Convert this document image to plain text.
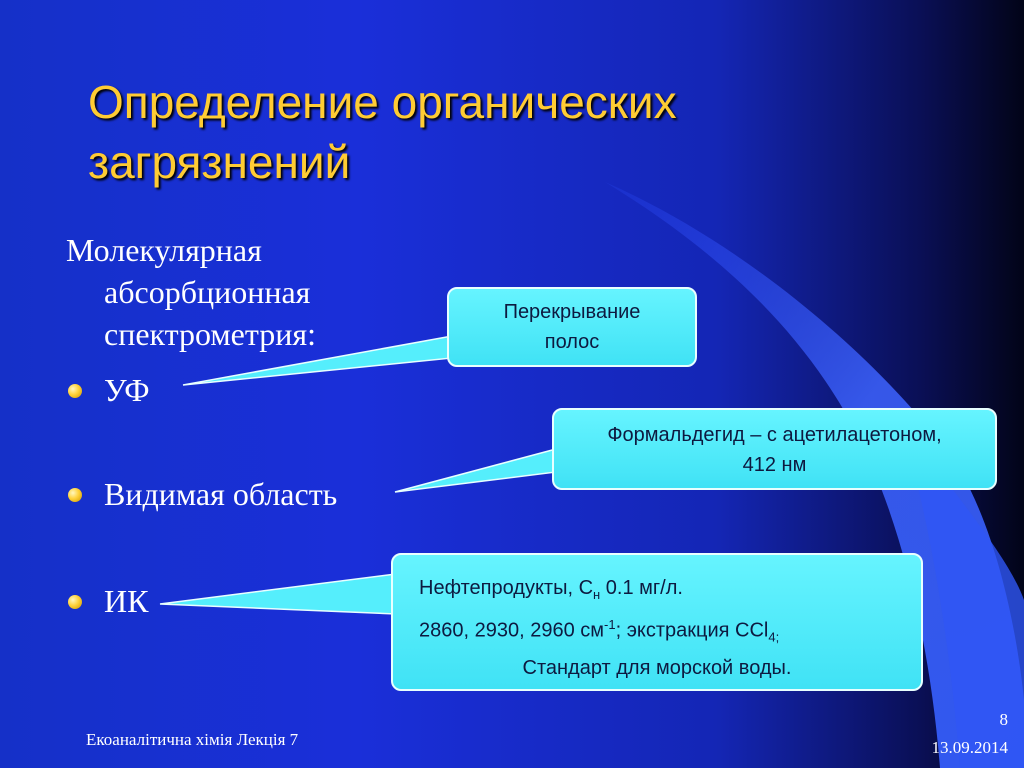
Определение органических
загрязнений
Молекулярная
абсорбционная
спектрометрия:
УФ
Видимая область
ИК
Перекрывание
полос
Формальдегид – с ацетилацетоном,
412 нм
Нефтепродукты, $С_н$ 0.1 мг/л.
2860, 2930, 2960 $см^{-1}$; экстракция CCl$_{4;}$
Стандарт для морской воды.
Екоаналітична хімія Лекція 7
8
13.09.2014
